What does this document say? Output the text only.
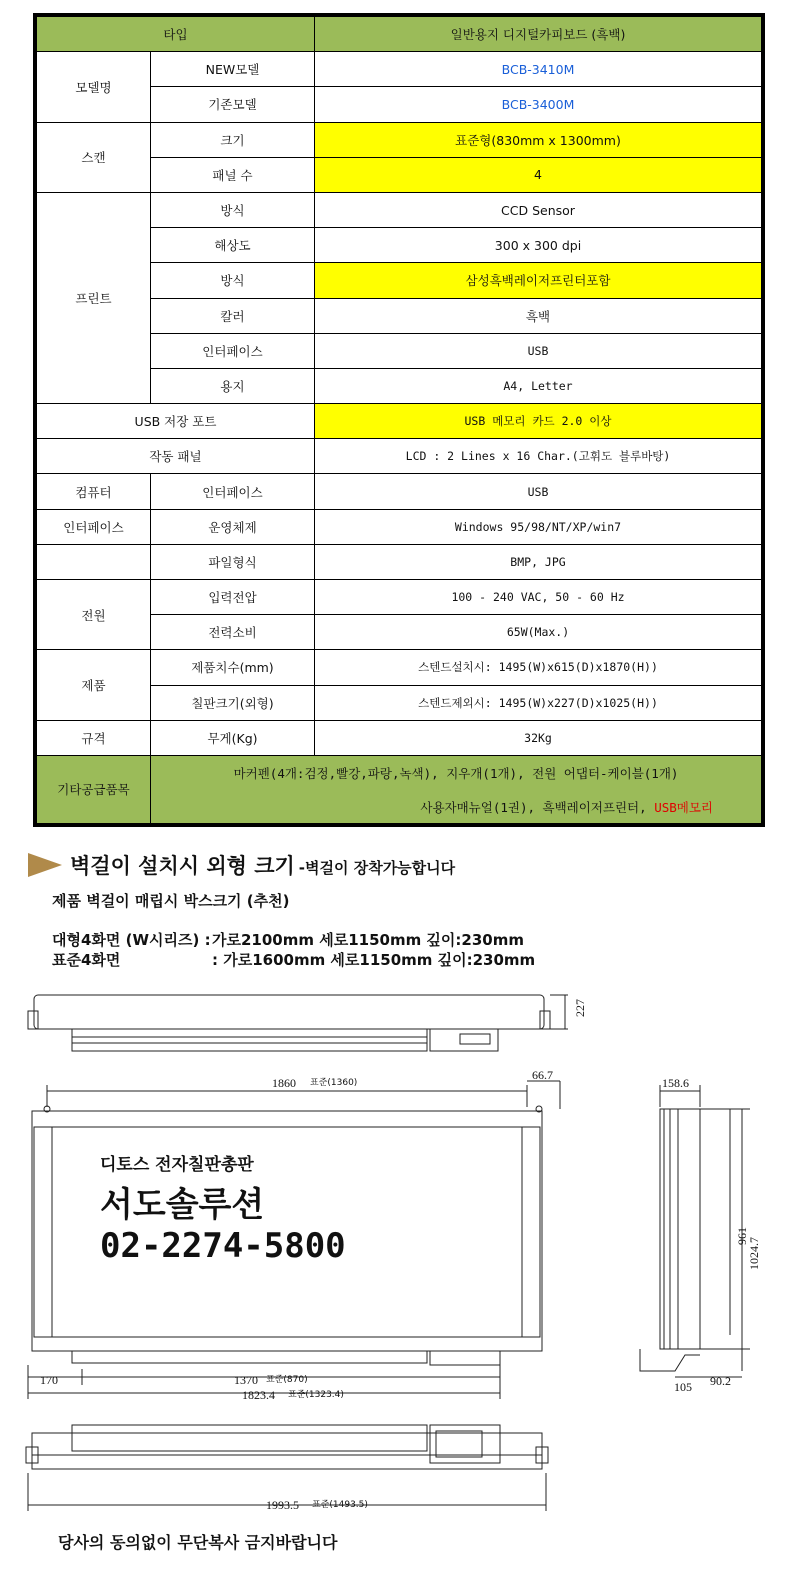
타입		일반용지 디지털카피보드 (흑백)
모델명	NEW모델	BCB-3410M
	기존모델	BCB-3400M
스캔	크기	표준형(830mm x 1300mm)
	패널 수	4
프린트	방식	CCD Sensor
	해상도	300 x 300 dpi
	방식	삼성흑백레이저프린터포함
	칼러	흑백
	인터페이스	USB
	용지	A4, Letter
USB 저장 포트		USB 메모리 카드 2.0 이상
작동 패널		LCD : 2 Lines x 16 Char.(고휘도 블루바탕)
컴퓨터	인터페이스	USB
인터페이스	운영체제	Windows 95/98/NT/XP/win7
	파일형식	BMP, JPG
전원	입력전압	100 - 240 VAC, 50 - 60 Hz
	전력소비	65W(Max.)
제품	제품치수(mm)	스텐드설치시: 1495(W)x615(D)x1870(H))
	칠판크기(외형)	스텐드제외시: 1495(W)x227(D)x1025(H))
규격	무게(Kg)	32Kg
기타공급품목	마커펜(4개:검정,빨강,파랑,녹색), 지우개(1개), 전원 어댑터-케이블(1개)
사용자매뉴얼(1권), 흑백레이저프린터, USB메모리	
벽걸이 설치시 외형 크기 -벽걸이 장착가능합니다
제품 벽걸이 매립시 박스크기 (추천)
대형4화면 (W시리즈) :가로2100mm 세로1150mm 깊이:230mm
표준4화면	: 가로1600mm 세로1150mm 깊이:230mm
227
1860 표준(1360)
66.7
158.6
961
1024.7
170	1370 표준(870)
1823.4 표준(1323.4)
105 90.2
1993.5 표준(1493.5)
디토스 전자칠판총판
서도솔루션
02-2274-5800
당사의 동의없이 무단복사 금지바랍니다
